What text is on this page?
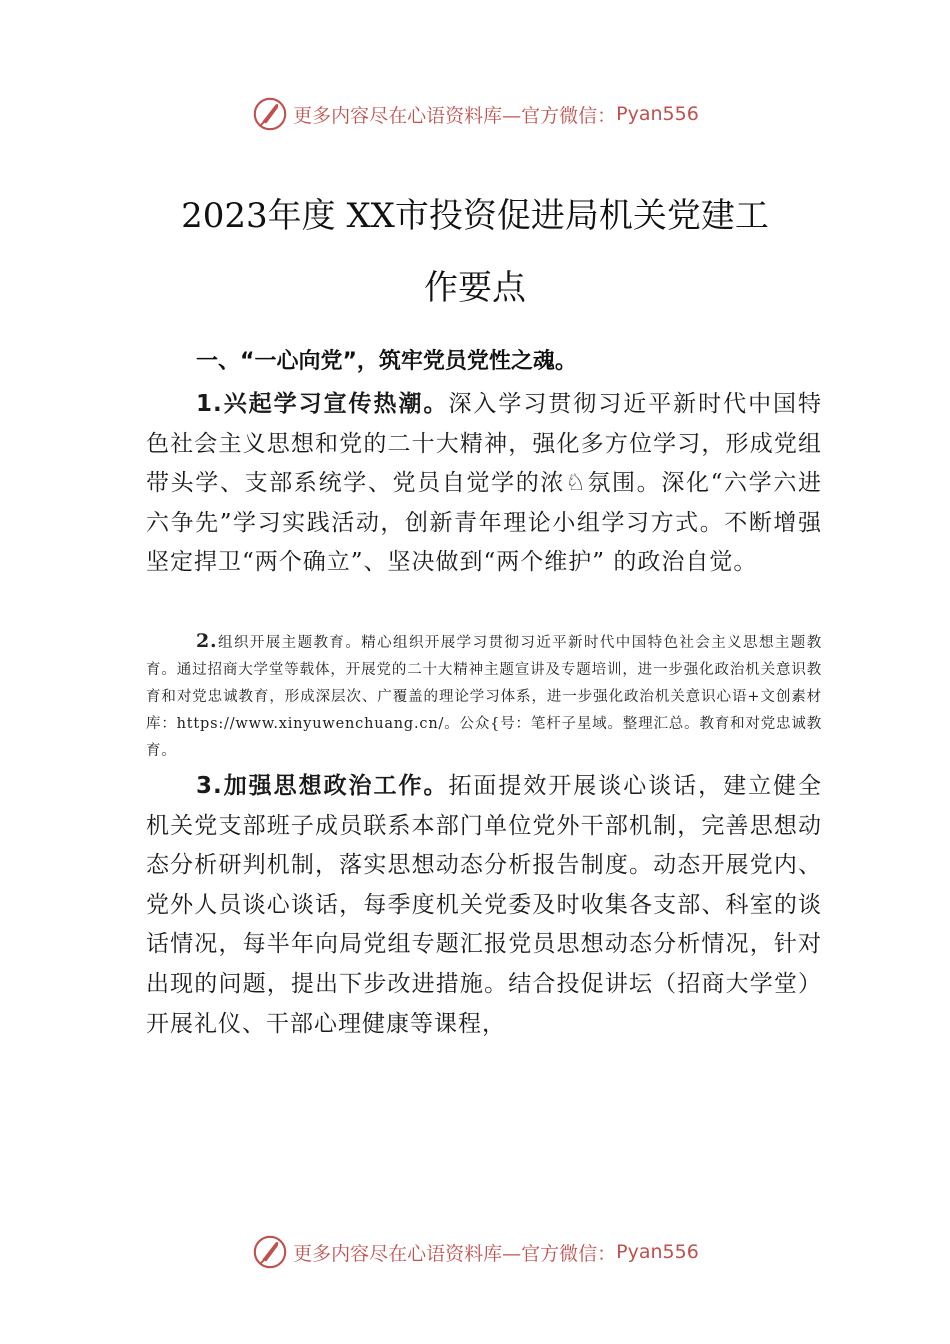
更多内容尽在心语资料库—官方微信： Pyan556
2023年度 XX市投资促进局机关党建工
作要点
一、“一心向党”，筑牢党员党性之魂。
1.兴起学习宣传热潮。深入学习贯彻习近平新时代中国特色社会主义思想和党的二十大精神，强化多方位学习，形成党组带头学、支部系统学、党员自觉学的浓♘氛围。深化“六学六进六争先”学习实践活动，创新青年理论小组学习方式。不断增强坚定捍卫“两个确立”、坚决做到“两个维护” 的政治自觉。
2.组织开展主题教育。精心组织开展学习贯彻习近平新时代中国特色社会主义思想主题教育。通过招商大学堂等载体，开展党的二十大精神主题宣讲及专题培训，进一步强化政治机关意识教育和对党忠诚教育，形成深层次、广覆盖的理论学习体系，进一步强化政治机关意识心语+文创素材库：https://www.xinyuwenchuang.cn/。公众{号：笔杆子星域。整理汇总。教育和对党忠诚教育。
3.加强思想政治工作。拓面提效开展谈心谈话，建立健全机关党支部班子成员联系本部门单位党外干部机制，完善思想动态分析研判机制，落实思想动态分析报告制度。动态开展党内、党外人员谈心谈话，每季度机关党委及时收集各支部、科室的谈话情况，每半年向局党组专题汇报党员思想动态分析情况，针对出现的问题，提出下步改进措施。结合投促讲坛（招商大学堂）开展礼仪、干部心理健康等课程，
更多内容尽在心语资料库—官方微信： Pyan556
